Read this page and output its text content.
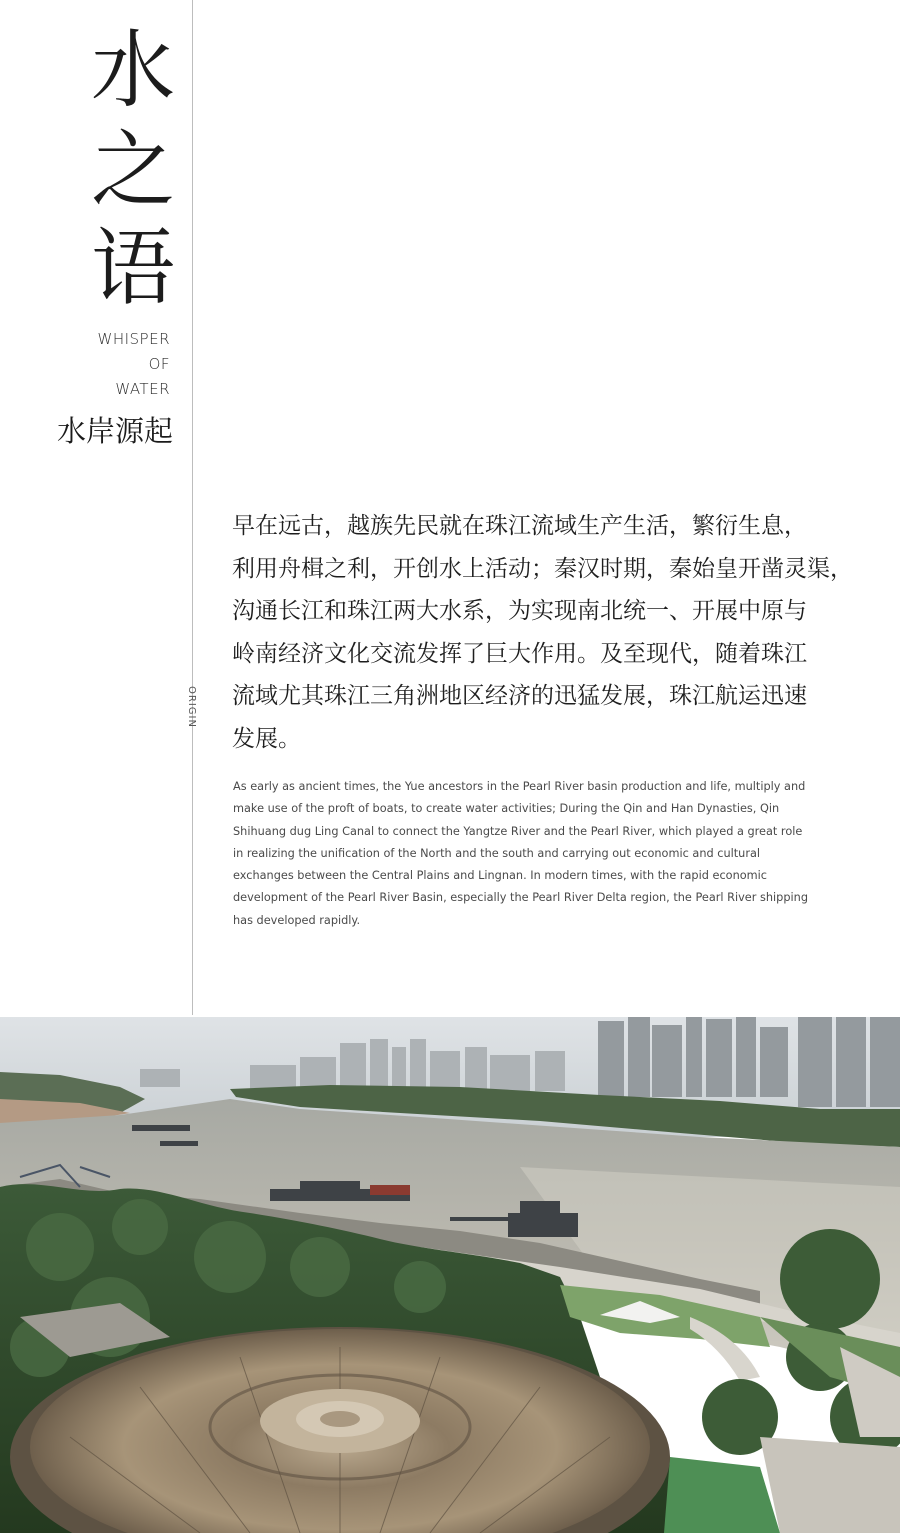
水
之
语
WHISPER
OF
WATER
水岸源起
ORIGIN
早在远古，越族先民就在珠江流域生产生活，繁衍生息，
利用舟楫之利，开创水上活动；秦汉时期，秦始皇开凿灵渠，
沟通长江和珠江两大水系，为实现南北统一、开展中原与
岭南经济文化交流发挥了巨大作用。及至现代，随着珠江
流域尤其珠江三角洲地区经济的迅猛发展，珠江航运迅速
发展。
As early as ancient times, the Yue ancestors in the Pearl River basin production and life, multiply and
make use of the proft of boats, to create water activities; During the Qin and Han Dynasties, Qin
Shihuang dug Ling Canal to connect the Yangtze River and the Pearl River, which played a great role
in realizing the unification of the North and the south and carrying out economic and cultural
exchanges between the Central Plains and Lingnan. In modern times, with the rapid economic
development of the Pearl River Basin, especially the Pearl River Delta region, the Pearl River shipping
has developed rapidly.
